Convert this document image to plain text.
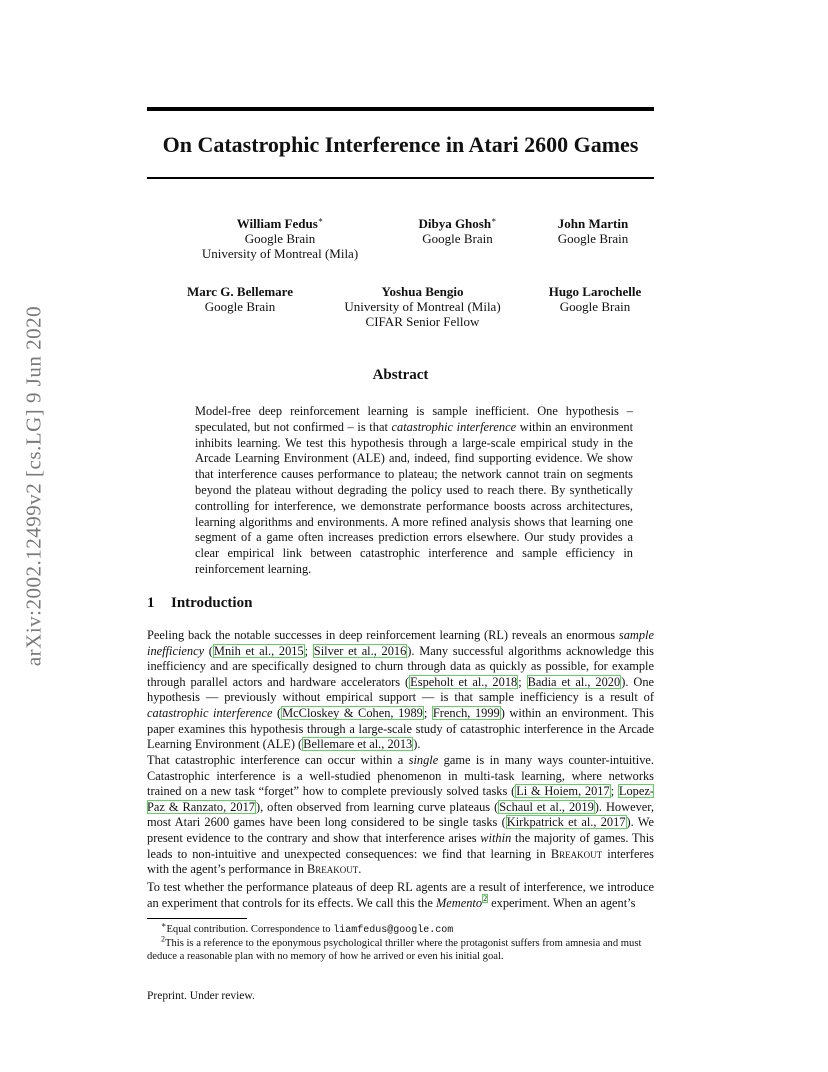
arXiv:2002.12499v2 [cs.LG] 9 Jun 2020
On Catastrophic Interference in Atari 2600 Games
William Fedus∗
Google Brain
University of Montreal (Mila)
Dibya Ghosh∗
Google Brain
John Martin
Google Brain
Marc G. Bellemare
Google Brain
Yoshua Bengio
University of Montreal (Mila)
CIFAR Senior Fellow
Hugo Larochelle
Google Brain
Abstract
Model-free deep reinforcement learning is sample inefficient. One hypothesis – speculated, but not confirmed – is that catastrophic interference within an environment inhibits learning. We test this hypothesis through a large-scale empirical study in the Arcade Learning Environment (ALE) and, indeed, find supporting evidence. We show that interference causes performance to plateau; the network cannot train on segments beyond the plateau without degrading the policy used to reach there. By synthetically controlling for interference, we demonstrate performance boosts across architectures, learning algorithms and environments. A more refined analysis shows that learning one segment of a game often increases prediction errors elsewhere. Our study provides a clear empirical link between catastrophic interference and sample efficiency in reinforcement learning.
1 Introduction

Peeling back the notable successes in deep reinforcement learning (RL) reveals an enormous sample inefficiency (Mnih et al., 2015; Silver et al., 2016). Many successful algorithms acknowledge this inefficiency and are specifically designed to churn through data as quickly as possible, for example through parallel actors and hardware accelerators (Espeholt et al., 2018; Badia et al., 2020). One hypothesis — previously without empirical support — is that sample inefficiency is a result of catastrophic interference (McCloskey & Cohen, 1989; French, 1999) within an environment. This paper examines this hypothesis through a large-scale study of catastrophic interference in the Arcade Learning Environment (ALE) (Bellemare et al., 2013).

That catastrophic interference can occur within a single game is in many ways counter-intuitive. Catastrophic interference is a well-studied phenomenon in multi-task learning, where networks trained on a new task “forget” how to complete previously solved tasks (Li & Hoiem, 2017; Lopez-Paz & Ranzato, 2017), often observed from learning curve plateaus (Schaul et al., 2019). However, most Atari 2600 games have been long considered to be single tasks (Kirkpatrick et al., 2017). We present evidence to the contrary and show that interference arises within the majority of games. This leads to non-intuitive and unexpected consequences: we find that learning in Breakout interferes with the agent’s performance in Breakout.

To test whether the performance plateaus of deep RL agents are a result of interference, we introduce an experiment that controls for its effects. We call this the Memento$^2$ experiment. When an agent’s

∗Equal contribution. Correspondence to liamfedus@google.com
$^2$This is a reference to the eponymous psychological thriller where the protagonist suffers from amnesia and must deduce a reasonable plan with no memory of how he arrived or even his initial goal.
Preprint. Under review.
